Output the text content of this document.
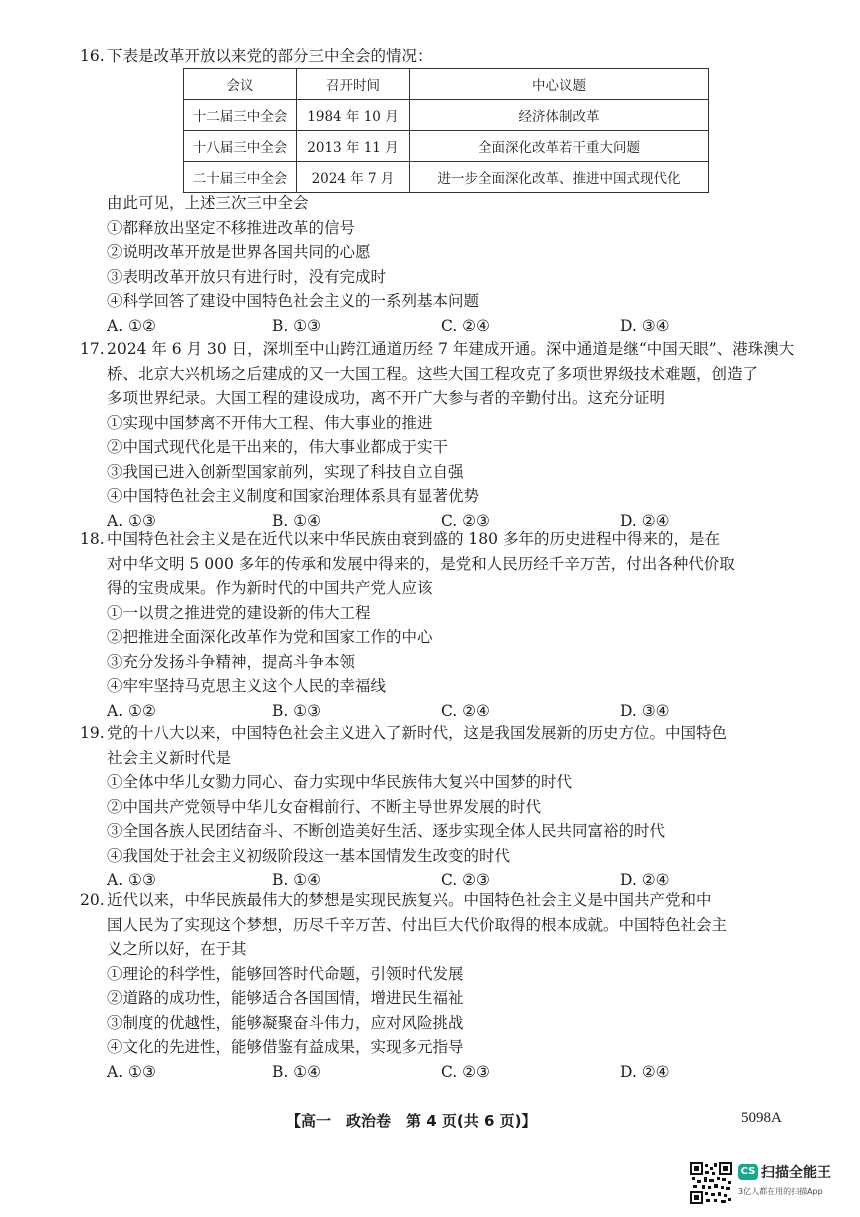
16. 下表是改革开放以来党的部分三中全会的情况：
会议	召开时间	中心议题
十二届三中全会	1984 年 10 月	经济体制改革
十八届三中全会	2013 年 11 月	全面深化改革若干重大问题
二十届三中全会	2024 年 7 月	进一步全面深化改革、推进中国式现代化
由此可见，上述三次三中全会
①都释放出坚定不移推进改革的信号
②说明改革开放是世界各国共同的心愿
③表明改革开放只有进行时，没有完成时
④科学回答了建设中国特色社会主义的一系列基本问题
A. ①②	B. ①③	C. ②④	D. ③④
17. 2024 年 6 月 30 日，深圳至中山跨江通道历经 7 年建成开通。深中通道是继“中国天眼”、港珠澳大
桥、北京大兴机场之后建成的又一大国工程。这些大国工程攻克了多项世界级技术难题，创造了
多项世界纪录。大国工程的建设成功，离不开广大参与者的辛勤付出。这充分证明
①实现中国梦离不开伟大工程、伟大事业的推进
②中国式现代化是干出来的，伟大事业都成于实干
③我国已进入创新型国家前列，实现了科技自立自强
④中国特色社会主义制度和国家治理体系具有显著优势
A. ①③	B. ①④	C. ②③	D. ②④
18. 中国特色社会主义是在近代以来中华民族由衰到盛的 180 多年的历史进程中得来的，是在
对中华文明 5 000 多年的传承和发展中得来的，是党和人民历经千辛万苦，付出各种代价取
得的宝贵成果。作为新时代的中国共产党人应该
①一以贯之推进党的建设新的伟大工程
②把推进全面深化改革作为党和国家工作的中心
③充分发扬斗争精神，提高斗争本领
④牢牢坚持马克思主义这个人民的幸福线
A. ①②	B. ①③	C. ②④	D. ③④
19. 党的十八大以来，中国特色社会主义进入了新时代，这是我国发展新的历史方位。中国特色
社会主义新时代是
①全体中华儿女勠力同心、奋力实现中华民族伟大复兴中国梦的时代
②中国共产党领导中华儿女奋楫前行、不断主导世界发展的时代
③全国各族人民团结奋斗、不断创造美好生活、逐步实现全体人民共同富裕的时代
④我国处于社会主义初级阶段这一基本国情发生改变的时代
A. ①③	B. ①④	C. ②③	D. ②④
20. 近代以来，中华民族最伟大的梦想是实现民族复兴。中国特色社会主义是中国共产党和中
国人民为了实现这个梦想，历尽千辛万苦、付出巨大代价取得的根本成就。中国特色社会主
义之所以好，在于其
①理论的科学性，能够回答时代命题，引领时代发展
②道路的成功性，能够适合各国国情，增进民生福祉
③制度的优越性，能够凝聚奋斗伟力，应对风险挑战
④文化的先进性，能够借鉴有益成果，实现多元指导
A. ①③	B. ①④	C. ②③	D. ②④
【高一　政治卷　第 4 页(共 6 页)】	5098A
CS 扫描全能王
3亿人都在用的扫描App
